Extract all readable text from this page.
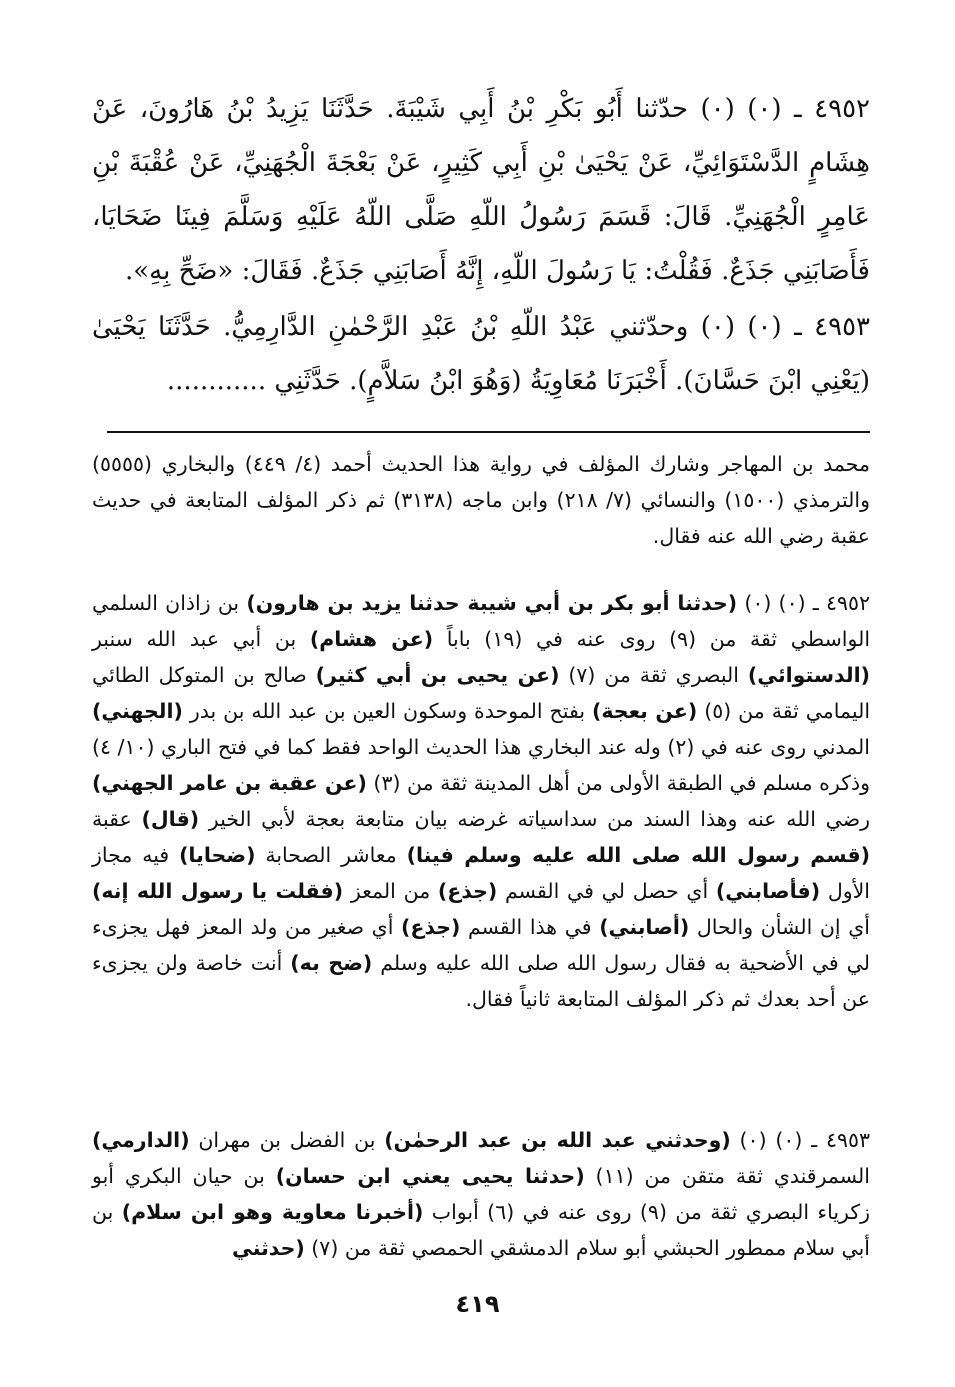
٤٩٥٢ ـ (٠) (٠) حدّثنا أَبُو بَكْرِ بْنُ أَبِي شَيْبَةَ. حَدَّثَنَا يَزِيدُ بْنُ هَارُونَ، عَنْ هِشَامٍ الدَّسْتَوَائِيِّ، عَنْ يَحْيَىٰ بْنِ أَبِي كَثِيرٍ، عَنْ بَعْجَةَ الْجُهَنِيِّ، عَنْ عُقْبَةَ بْنِ عَامِرٍ الْجُهَنِيِّ. قَالَ: قَسَمَ رَسُولُ اللّهِ صَلَّى اللّهُ عَلَيْهِ وَسَلَّمَ فِينَا ضَحَايَا، فَأَصَابَنِي جَذَعٌ. فَقُلْتُ: يَا رَسُولَ اللّهِ، إِنَّهُ أَصَابَنِي جَذَعٌ. فَقَالَ: «ضَحِّ بِهِ».

٤٩٥٣ ـ (٠) (٠) وحدّثني عَبْدُ اللّهِ بْنُ عَبْدِ الرَّحْمٰنِ الدَّارِمِيُّ. حَدَّثَنَا يَحْيَىٰ (يَعْنِي ابْنَ حَسَّانَ). أَخْبَرَنَا مُعَاوِيَةُ (وَهُوَ ابْنُ سَلاَّمٍ). حَدَّثَنِي ............

محمد بن المهاجر وشارك المؤلف في رواية هذا الحديث أحمد (٤/ ٤٤٩) والبخاري (٥٥٥٥) والترمذي (١٥٠٠) والنسائي (٧/ ٢١٨) وابن ماجه (٣١٣٨) ثم ذكر المؤلف المتابعة في حديث عقبة رضي الله عنه فقال.

٤٩٥٢ ـ (٠) (٠) (حدثنا أبو بكر بن أبي شيبة حدثنا يزيد بن هارون) بن زاذان السلمي الواسطي ثقة من (٩) روى عنه في (١٩) باباً (عن هشام) بن أبي عبد الله سنبر (الدستوائي) البصري ثقة من (٧) (عن يحيى بن أبي كثير) صالح بن المتوكل الطائي اليمامي ثقة من (٥) (عن بعجة) بفتح الموحدة وسكون العين بن عبد الله بن بدر (الجهني) المدني روى عنه في (٢) وله عند البخاري هذا الحديث الواحد فقط كما في فتح الباري (١٠/ ٤) وذكره مسلم في الطبقة الأولى من أهل المدينة ثقة من (٣) (عن عقبة بن عامر الجهني) رضي الله عنه وهذا السند من سداسياته غرضه بيان متابعة بعجة لأبي الخير (قال) عقبة (قسم رسول الله صلى الله عليه وسلم فينا) معاشر الصحابة (ضحايا) فيه مجاز الأول (فأصابني) أي حصل لي في القسم (جذع) من المعز (فقلت يا رسول الله إنه) أي إن الشأن والحال (أصابني) في هذا القسم (جذع) أي صغير من ولد المعز فهل يجزىء لي في الأضحية به فقال رسول الله صلى الله عليه وسلم (ضح به) أنت خاصة ولن يجزىء عن أحد بعدك ثم ذكر المؤلف المتابعة ثانياً فقال.

٤٩٥٣ ـ (٠) (٠) (وحدثني عبد الله بن عبد الرحمٰن) بن الفضل بن مهران (الدارمي) السمرقندي ثقة متقن من (١١) (حدثنا يحيى يعني ابن حسان) بن حيان البكري أبو زكرياء البصري ثقة من (٩) روى عنه في (٦) أبواب (أخبرنا معاوية وهو ابن سلام) بن أبي سلام ممطور الحبشي أبو سلام الدمشقي الحمصي ثقة من (٧) (حدثني

٤١٩
